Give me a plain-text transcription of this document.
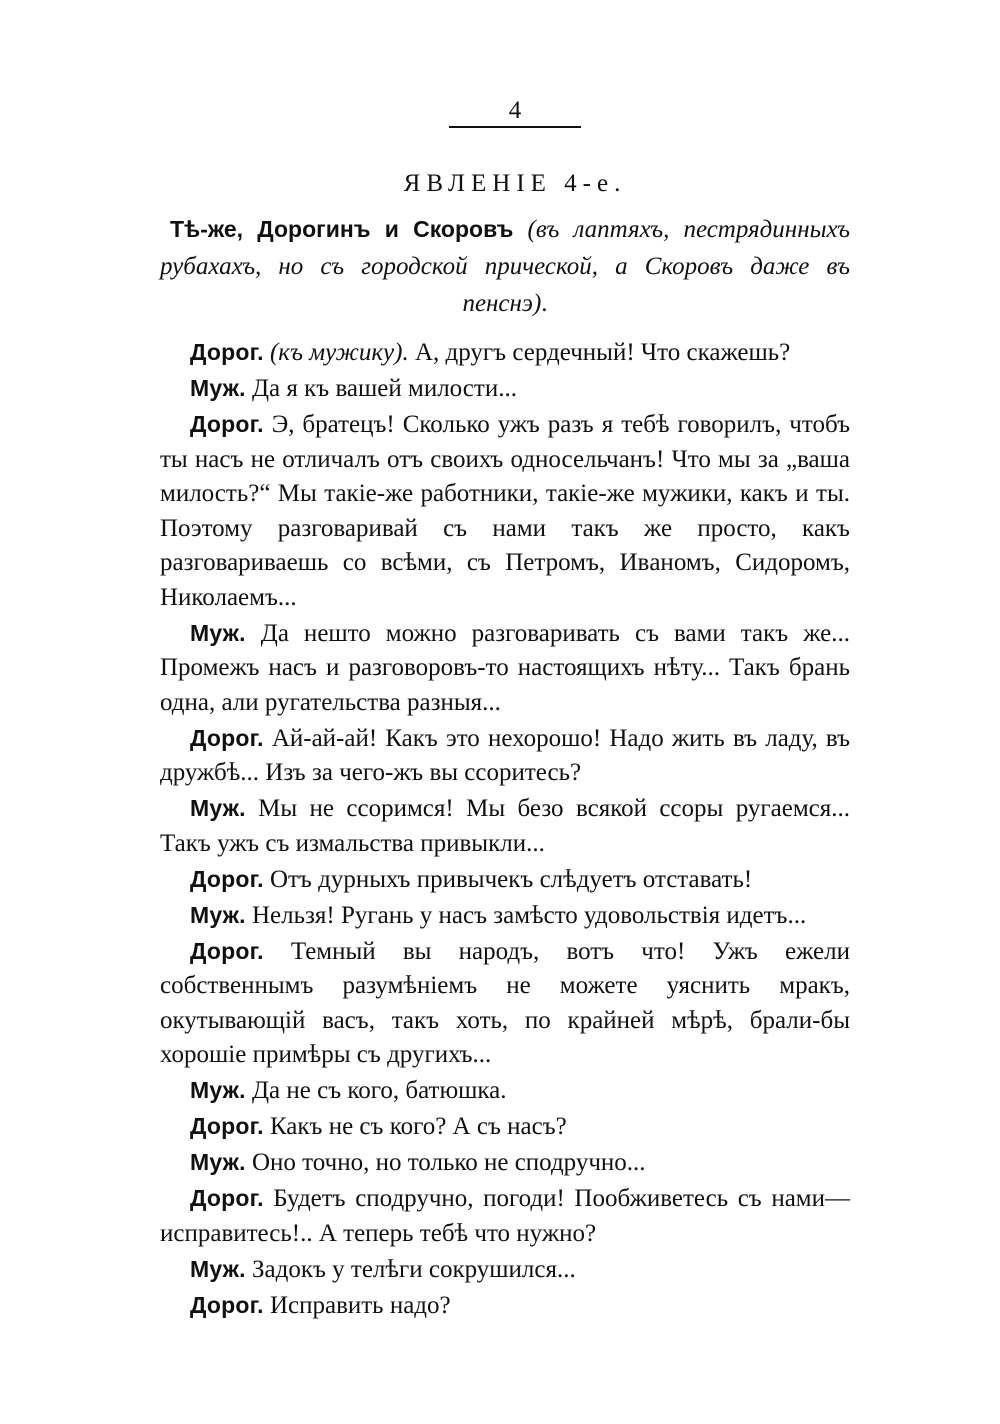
4
ЯВЛЕНІЕ 4-е.
Тѣ-же, Дорогинъ и Скоровъ (въ лаптяхъ, пестрядинныхъ рубахахъ, но съ городской прической, а Скоровъ даже въ пенснэ).

Дорог. (къ мужику). А, другъ сердечный! Что скажешь?

Муж. Да я къ вашей милости...

Дорог. Э, братецъ! Сколько ужъ разъ я тебѣ говорилъ, чтобъ ты насъ не отличалъ отъ своихъ односельчанъ! Что мы за „ваша милость?“ Мы такіе-же работники, такіе-же мужики, какъ и ты. Поэтому разговаривай съ нами такъ же просто, какъ разговариваешь со всѣми, съ Петромъ, Ивaномъ, Сидоромъ, Николаемъ...

Муж. Да нешто можно разговаривать съ вами такъ же... Промежъ насъ и разговоровъ-то настоящихъ нѣту... Такъ брань одна, али ругательства разныя...

Дорог. Ай-ай-ай! Какъ это нехорошо! Надо жить въ ладу, въ дружбѣ... Изъ за чего-жъ вы ссоритесь?

Муж. Мы не ссоримся! Мы безо всякой ссоры ругаемся... Такъ ужъ съ измальства привыкли...

Дорог. Отъ дурныхъ привычекъ слѣдуетъ отставать!

Муж. Нельзя! Ругань у насъ замѣсто удовольствія идетъ...

Дорог. Темный вы народъ, вотъ что! Ужъ ежели собственнымъ разумѣніемъ не можете уяснить мракъ, окутывающій васъ, такъ хоть, по крайней мѣрѣ, брали-бы хорошіе примѣры съ другихъ...

Муж. Да не съ кого, батюшка.

Дорог. Какъ не съ кого? А съ насъ?

Муж. Оно точно, но только не сподручно...

Дорог. Будетъ сподручно, погоди! Пообживетесь съ нами— исправитесь!.. А теперь тебѣ что нужно?

Муж. Задокъ у телѣги сокрушился...

Дорог. Исправить надо?
